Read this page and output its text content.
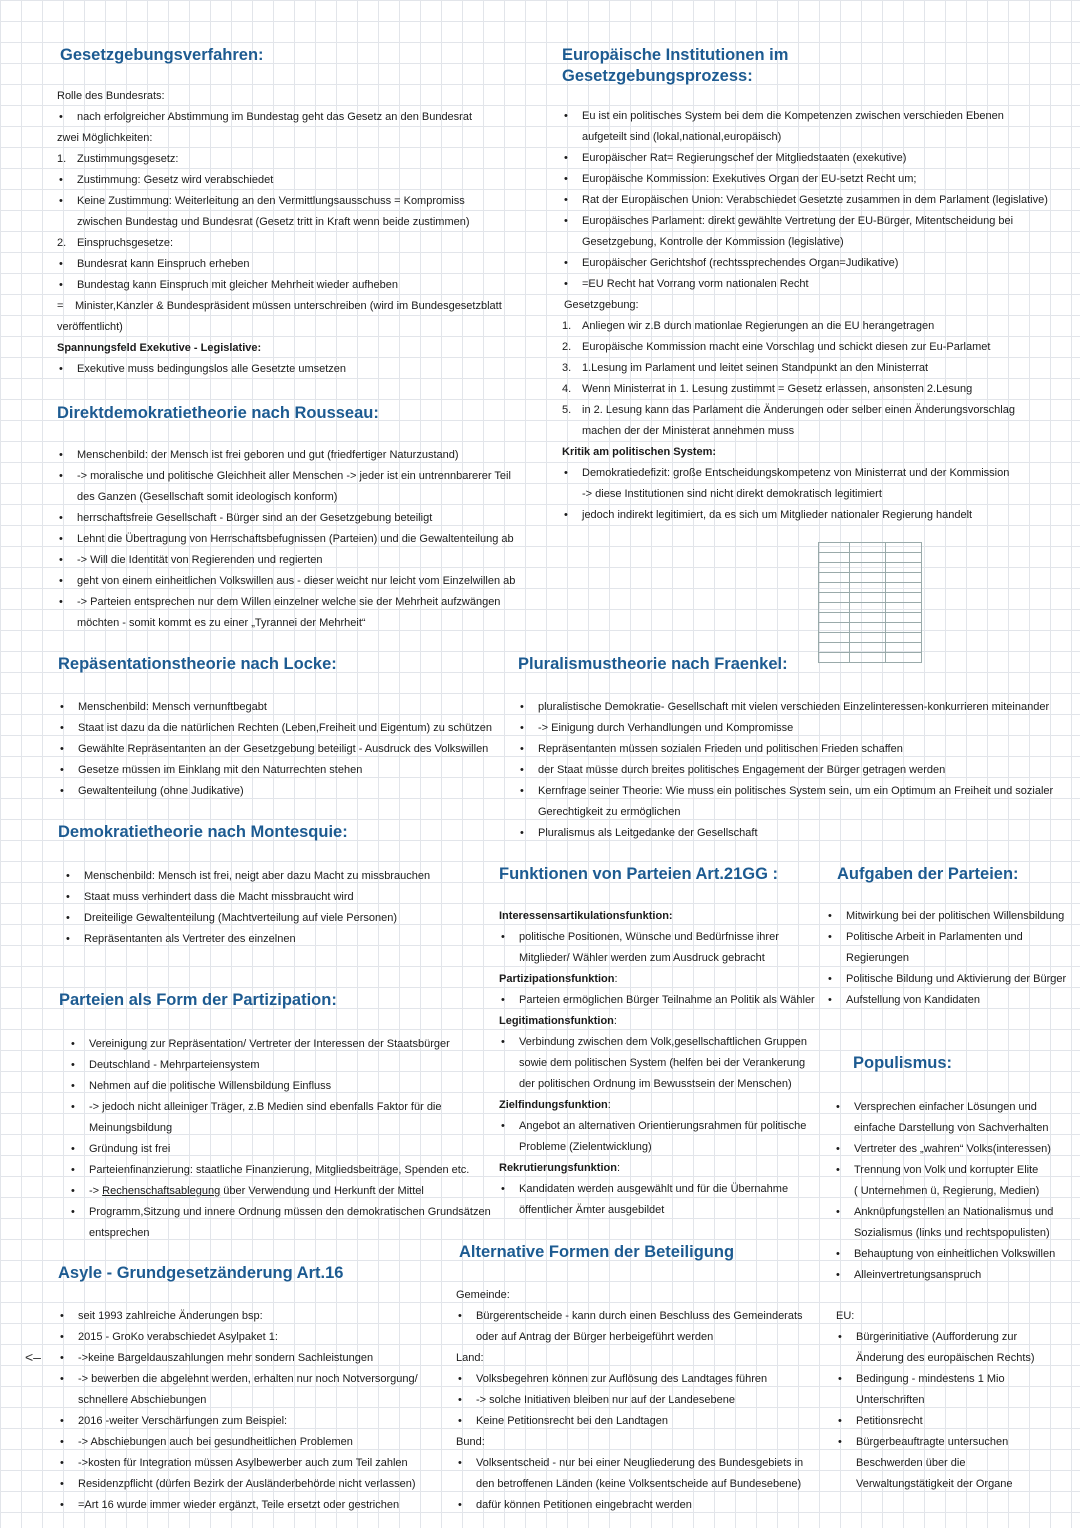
Gesetzgebungsverfahren:
Rolle des Bundesrats:
• nach erfolgreicher Abstimmung im Bundestag geht das Gesetz an den Bundesrat
zwei Möglichkeiten:
1. Zustimmungsgesetz:
• Zustimmung: Gesetz wird verabschiedet
• Keine Zustimmung: Weiterleitung an den Vermittlungsausschuss = Kompromiss
zwischen Bundestag und Bundesrat (Gesetz tritt in Kraft wenn beide zustimmen)
2. Einspruchsgesetze:
• Bundesrat kann Einspruch erheben
• Bundestag kann Einspruch mit gleicher Mehrheit wieder aufheben
= Minister,Kanzler & Bundespräsident müssen unterschreiben (wird im Bundesgesetzblatt
veröffentlicht)
Spannungsfeld Exekutive - Legislative:
• Exekutive muss bedingungslos alle Gesetzte umsetzen
Europäische Institutionen im
Gesetzgebungsprozess:
• Eu ist ein politisches System bei dem die Kompetenzen zwischen verschieden Ebenen
aufgeteilt sind (lokal,national,europäisch)
• Europäischer Rat= Regierungschef der Mitgliedstaaten (exekutive)
• Europäische Kommission: Exekutives Organ der EU-setzt Recht um;
• Rat der Europäischen Union: Verabschiedet Gesetzte zusammen in dem Parlament (legislative)
• Europäisches Parlament: direkt gewählte Vertretung der EU-Bürger, Mitentscheidung bei
Gesetzgebung, Kontrolle der Kommission (legislative)
• Europäischer Gerichtshof (rechtssprechendes Organ=Judikative)
• =EU Recht hat Vorrang vorm nationalen Recht
Gesetzgebung:
1. Anliegen wir z.B durch mationlae Regierungen an die EU herangetragen
2. Europäische Kommission macht eine Vorschlag und schickt diesen zur Eu-Parlamet
3. 1.Lesung im Parlament und leitet seinen Standpunkt an den Ministerrat
4. Wenn Ministerrat in 1. Lesung zustimmt = Gesetz erlassen, ansonsten 2.Lesung
5. in 2. Lesung kann das Parlament die Änderungen oder selber einen Änderungsvorschlag
machen der der Ministerat annehmen muss
Kritik am politischen System:
• Demokratiedefizit: große Entscheidungskompetenz von Ministerrat und der Kommission
-> diese Institutionen sind nicht direkt demokratisch legitimiert
• jedoch indirekt legitimiert, da es sich um Mitglieder nationaler Regierung handelt

Direktdemokratietheorie nach Rousseau:
• Menschenbild: der Mensch ist frei geboren und gut (friedfertiger Naturzustand)
• -> moralische und politische Gleichheit aller Menschen -> jeder ist ein untrennbarerer Teil
des Ganzen (Gesellschaft somit ideologisch konform)
• herrschaftsfreie Gesellschaft - Bürger sind an der Gesetzgebung beteiligt
• Lehnt die Übertragung von Herrschaftsbefugnissen (Parteien) und die Gewaltenteilung ab
• -> Will die Identität von Regierenden und regierten
• geht von einem einheitlichen Volkswillen aus - dieser weicht nur leicht vom Einzelwillen ab
• -> Parteien entsprechen nur dem Willen einzelner welche sie der Mehrheit aufzwängen
möchten - somit kommt es zu einer „Tyrannei der Mehrheit“
Repäsentationstheorie nach Locke:
• Menschenbild: Mensch vernunftbegabt
• Staat ist dazu da die natürlichen Rechten (Leben,Freiheit und Eigentum) zu schützen
• Gewählte Repräsentanten an der Gesetzgebung beteiligt - Ausdruck des Volkswillen
• Gesetze müssen im Einklang mit den Naturrechten stehen
• Gewaltenteilung (ohne Judikative)
Pluralismustheorie nach Fraenkel:
• pluralistische Demokratie- Gesellschaft mit vielen verschieden Einzelinteressen-konkurrieren miteinander
• -> Einigung durch Verhandlungen und Kompromisse
• Repräsentanten müssen sozialen Frieden und politischen Frieden schaffen
• der Staat müsse durch breites politisches Engagement der Bürger getragen werden
• Kernfrage seiner Theorie: Wie muss ein politisches System sein, um ein Optimum an Freiheit und sozialer
Gerechtigkeit zu ermöglichen
• Pluralismus als Leitgedanke der Gesellschaft
Demokratietheorie nach Montesquie:
• Menschenbild: Mensch ist frei, neigt aber dazu Macht zu missbrauchen
• Staat muss verhindert dass die Macht missbraucht wird
• Dreiteilige Gewaltenteilung (Machtverteilung auf viele Personen)
• Repräsentanten als Vertreter des einzelnen
Funktionen von Parteien Art.21GG :
Interessensartikulationsfunktion:
• politische Positionen, Wünsche und Bedürfnisse ihrer
Mitglieder/ Wähler werden zum Ausdruck gebracht
Partizipationsfunktion:
• Parteien ermöglichen Bürger Teilnahme an Politik als Wähler
Legitimationsfunktion:
• Verbindung zwischen dem Volk,gesellschaftlichen Gruppen
sowie dem politischen System (helfen bei der Verankerung
der politischen Ordnung im Bewusstsein der Menschen)
Zielfindungsfunktion:
• Angebot an alternativen Orientierungsrahmen für politische
Probleme (Zielentwicklung)
Rekrutierungsfunktion:
• Kandidaten werden ausgewählt und für die Übernahme
öffentlicher Ämter ausgebildet
Aufgaben der Parteien:
• Mitwirkung bei der politischen Willensbildung
• Politische Arbeit in Parlamenten und
Regierungen
• Politische Bildung und Aktivierung der Bürger
• Aufstellung von Kandidaten
Parteien als Form der Partizipation:
• Vereinigung zur Repräsentation/ Vertreter der Interessen der Staatsbürger
• Deutschland - Mehrparteiensystem
• Nehmen auf die politische Willensbildung Einfluss
• -> jedoch nicht alleiniger Träger, z.B Medien sind ebenfalls Faktor für die
Meinungsbildung
• Gründung ist frei
• Parteienfinanzierung: staatliche Finanzierung, Mitgliedsbeiträge, Spenden etc.
• -> Rechenschaftsablegung über Verwendung und Herkunft der Mittel
• Programm,Sitzung und innere Ordnung müssen den demokratischen Grundsätzen
entsprechen
Populismus:
• Versprechen einfacher Lösungen und
einfache Darstellung von Sachverhalten
• Vertreter des „wahren“ Volks(interessen)
• Trennung von Volk und korrupter Elite
( Unternehmen ü, Regierung, Medien)
• Anknüpfungstellen an Nationalismus und
Sozialismus (links und rechtspopulisten)
• Behauptung von einheitlichen Volkswillen
• Alleinvertretungsanspruch
Asyle - Grundgesetzänderung Art.16
• seit 1993 zahlreiche Änderungen bsp:
• 2015 - GroKo verabschiedet Asylpaket 1:
• ->keine Bargeldauszahlungen mehr sondern Sachleistungen
• -> bewerben die abgelehnt werden, erhalten nur noch Notversorgung/
schnellere Abschiebungen
• 2016 -weiter Verschärfungen zum Beispiel:
• -> Abschiebungen auch bei gesundheitlichen Problemen
• ->kosten für Integration müssen Asylbewerber auch zum Teil zahlen
• Residenzpflicht (dürfen Bezirk der Ausländerbehörde nicht verlassen)
• =Art 16 wurde immer wieder ergänzt, Teile ersetzt oder gestrichen
<–
Alternative Formen der Beteiligung
Gemeinde:
• Bürgerentscheide - kann durch einen Beschluss des Gemeinderats
oder auf Antrag der Bürger herbeigeführt werden
Land:
• Volksbegehren können zur Auflösung des Landtages führen
• -> solche Initiativen bleiben nur auf der Landesebene
• Keine Petitionsrecht bei den Landtagen
Bund:
• Volksentscheid - nur bei einer Neugliederung des Bundesgebiets in
den betroffenen Länden (keine Volksentscheide auf Bundesebene)
• dafür können Petitionen eingebracht werden
EU:
• Bürgerinitiative (Aufforderung zur
Änderung des europäischen Rechts)
• Bedingung - mindestens 1 Mio
Unterschriften
• Petitionsrecht
• Bürgerbeauftragte untersuchen
Beschwerden über die
Verwaltungstätigkeit der Organe
